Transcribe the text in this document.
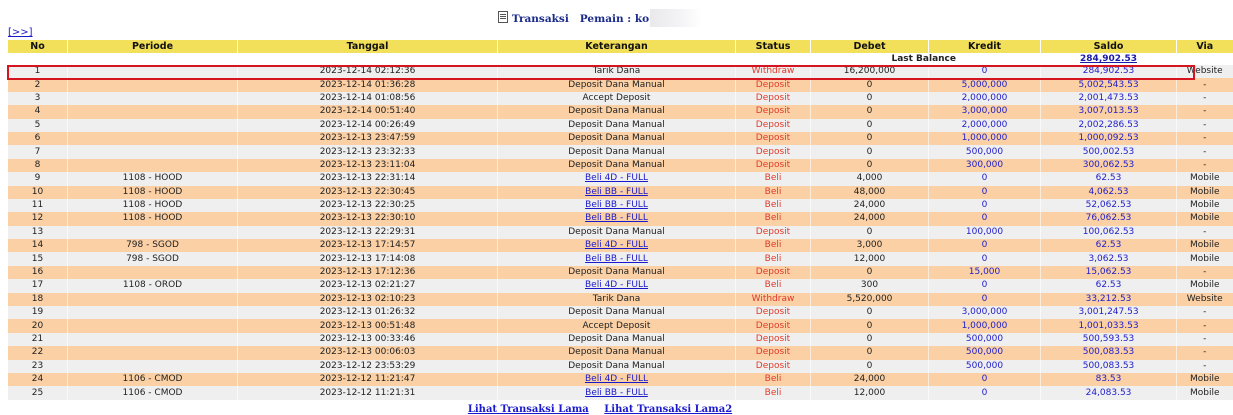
Transaksi Pemain : ko
[>>]
No	Periode	Tanggal	Keterangan	Status	Debet	Kredit	Saldo	Via
Last Balance							284,902.53	
1		2023-12-14 02:12:36	Tarik Dana	Withdraw	16,200,000	0	284,902.53	Website
2		2023-12-14 01:36:28	Deposit Dana Manual	Deposit	0	5,000,000	5,002,543.53	-
3		2023-12-14 01:08:56	Accept Deposit	Deposit	0	2,000,000	2,001,473.53	-
4		2023-12-14 00:51:40	Deposit Dana Manual	Deposit	0	3,000,000	3,007,013.53	-
5		2023-12-14 00:26:49	Deposit Dana Manual	Deposit	0	2,000,000	2,002,286.53	-
6		2023-12-13 23:47:59	Deposit Dana Manual	Deposit	0	1,000,000	1,000,092.53	-
7		2023-12-13 23:32:33	Deposit Dana Manual	Deposit	0	500,000	500,002.53	-
8		2023-12-13 23:11:04	Deposit Dana Manual	Deposit	0	300,000	300,062.53	-
9	1108 - HOOD	2023-12-13 22:31:14	Beli 4D - FULL	Beli	4,000	0	62.53	Mobile
10	1108 - HOOD	2023-12-13 22:30:45	Beli BB - FULL	Beli	48,000	0	4,062.53	Mobile
11	1108 - HOOD	2023-12-13 22:30:25	Beli BB - FULL	Beli	24,000	0	52,062.53	Mobile
12	1108 - HOOD	2023-12-13 22:30:10	Beli BB - FULL	Beli	24,000	0	76,062.53	Mobile
13		2023-12-13 22:29:31	Deposit Dana Manual	Deposit	0	100,000	100,062.53	-
14	798 - SGOD	2023-12-13 17:14:57	Beli 4D - FULL	Beli	3,000	0	62.53	Mobile
15	798 - SGOD	2023-12-13 17:14:08	Beli BB - FULL	Beli	12,000	0	3,062.53	Mobile
16		2023-12-13 17:12:36	Deposit Dana Manual	Deposit	0	15,000	15,062.53	-
17	1108 - OROD	2023-12-13 02:21:27	Beli 4D - FULL	Beli	300	0	62.53	Mobile
18		2023-12-13 02:10:23	Tarik Dana	Withdraw	5,520,000	0	33,212.53	Website
19		2023-12-13 01:26:32	Deposit Dana Manual	Deposit	0	3,000,000	3,001,247.53	-
20		2023-12-13 00:51:48	Accept Deposit	Deposit	0	1,000,000	1,001,033.53	-
21		2023-12-13 00:33:46	Deposit Dana Manual	Deposit	0	500,000	500,593.53	-
22		2023-12-13 00:06:03	Deposit Dana Manual	Deposit	0	500,000	500,083.53	-
23		2023-12-12 23:53:29	Deposit Dana Manual	Deposit	0	500,000	500,083.53	-
24	1106 - CMOD	2023-12-12 11:21:47	Beli 4D - FULL	Beli	24,000	0	83.53	Mobile
25	1106 - CMOD	2023-12-12 11:21:31	Beli BB - FULL	Beli	12,000	0	24,083.53	Mobile
Lihat Transaksi Lama Lihat Transaksi Lama2
